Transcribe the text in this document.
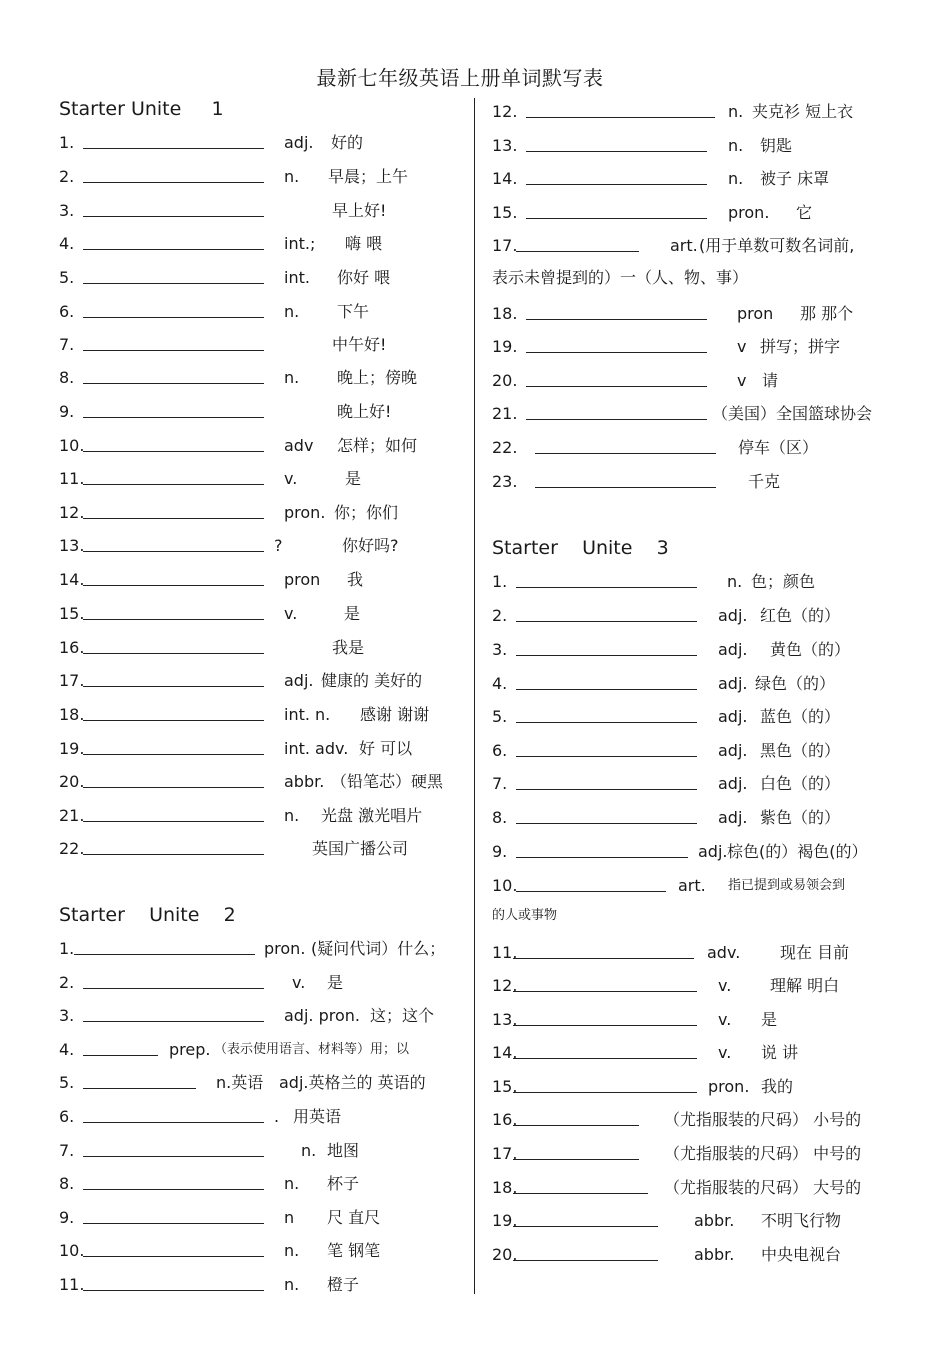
最新七年级英语上册单词默写表
Starter Unite     1
1.	adj. 好的
2.	n. 早晨；上午
3.	早上好!
4.	int.; 嗨 喂
5.	int. 你好 喂
6.	n. 下午
7.	中午好!
8.	n. 晚上；傍晚
9.	晚上好!
10.	adv 怎样；如何
11.	v.	是
12.	pron. 你；你们
13.	?	你好吗?
14.	pron 我
15.	v.	是
16.	我是
17.	adj. 健康的 美好的
18.	int. n. 感谢 谢谢
19.	int. adv. 好 可以
20.	abbr. （铅笔芯）硬黑
21.	n. 光盘 激光唱片
22.	英国广播公司
Starter    Unite    2
1.	pron. (疑问代词）什么；
2.	v. 是
3.	adj. pron. 这；这个
4.	prep. （表示使用语言、材料等）用；以
5.	n.英语 adj.英格兰的 英语的
6.	. 用英语
7.	n. 地图
8.	n. 杯子
9.	n 尺 直尺
10.	n. 笔 钢笔
11.	n. 橙子
12.	n. 夹克衫 短上衣
13.	n. 钥匙
14.	n. 被子 床罩
15.	pron. 它
17.	art. (用于单数可数名词前,
表示未曾提到的）一（人、物、事）
18.	pron 那 那个
19.	v 拼写；拼字
20.	v 请
21.	（美国）全国篮球协会
22.	停车（区）
23.	千克
Starter    Unite    3
1.	n. 色；颜色
2.	adj. 红色（的）
3.	adj. 黄色（的）
4.	adj. 绿色（的）
5.	adj. 蓝色（的）
6.	adj. 黑色（的）
7.	adj. 白色（的）
8.	adj. 紫色（的）
9.	adj. 棕色(的）褐色(的）
10.	art. 指已提到或易领会到
的人或事物
11.	adv. 现在 目前
12.	v. 理解 明白
13.	v. 是
14.	v. 说 讲
15.	pron. 我的
16.	（尤指服装的尺码） 小号的
17.	（尤指服装的尺码） 中号的
18.	（尤指服装的尺码） 大号的
19.	abbr. 不明飞行物
20.	abbr. 中央电视台
